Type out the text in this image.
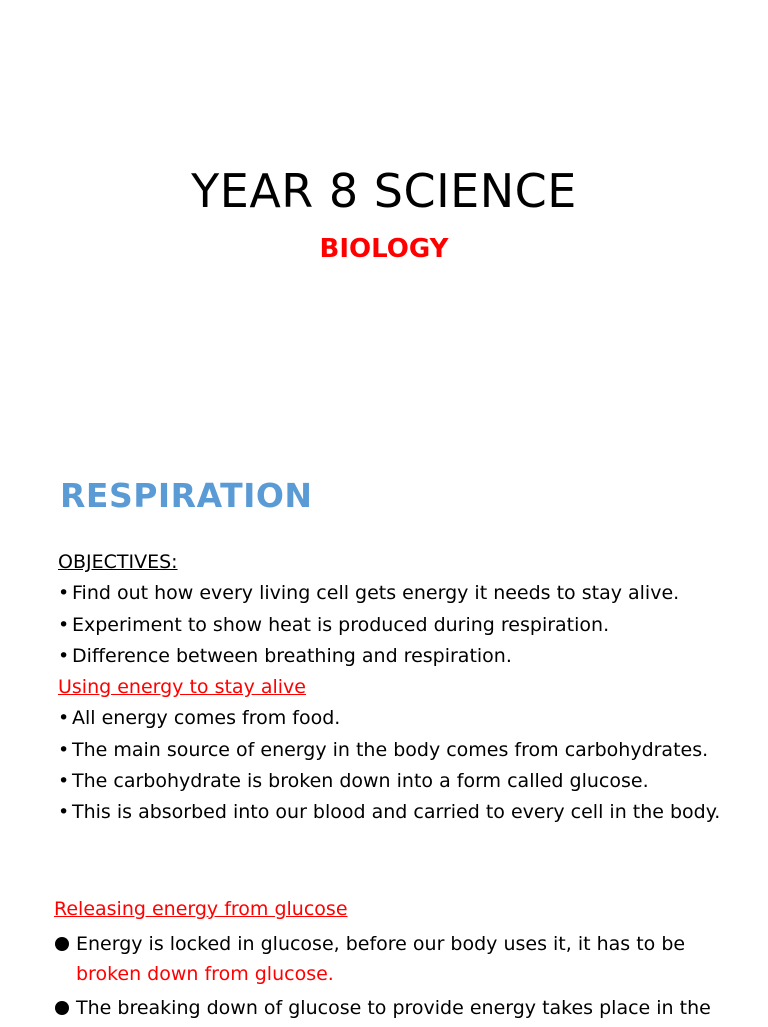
YEAR 8 SCIENCE
BIOLOGY
RESPIRATION
OBJECTIVES:
• Find out how every living cell gets energy it needs to stay alive.
• Experiment to show heat is produced during respiration.
• Difference between breathing and respiration.
Using energy to stay alive
• All energy comes from food.
• The main source of energy in the body comes from carbohydrates.
• The carbohydrate is broken down into a form called glucose.
• This is absorbed into our blood and carried to every cell in the body.
Releasing energy from glucose
Energy is locked in glucose, before our body uses it, it has to be broken down from glucose.
The breaking down of glucose to provide energy takes place in the
